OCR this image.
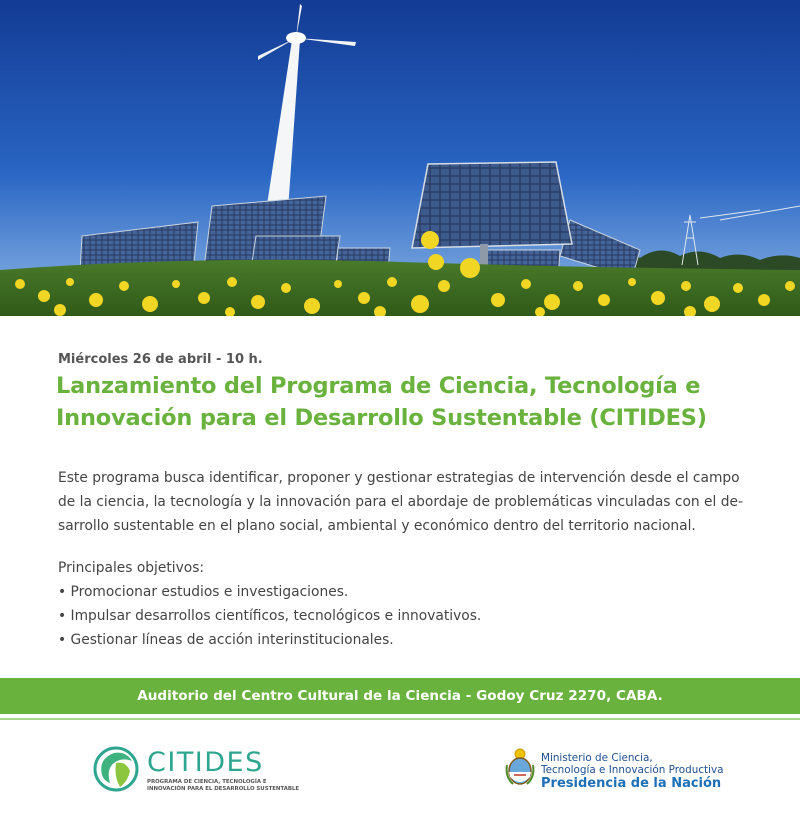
Miércoles 26 de abril - 10 h.
Lanzamiento del Programa de Ciencia, Tecnología e
Innovación para el Desarrollo Sustentable (CITIDES)
Este programa busca identificar, proponer y gestionar estrategias de intervención desde el campo
de la ciencia, la tecnología y la innovación para el abordaje de problemáticas vinculadas con el de-
sarrollo sustentable en el plano social, ambiental y económico dentro del territorio nacional.
Principales objetivos:
• Promocionar estudios e investigaciones.
• Impulsar desarrollos científicos, tecnológicos e innovativos.
• Gestionar líneas de acción interinstitucionales.
Auditorio del Centro Cultural de la Ciencia - Godoy Cruz 2270, CABA.
CITIDES
PROGRAMA DE CIENCIA, TECNOLOGÍA E
INNOVACIÓN PARA EL DESARROLLO SUSTENTABLE
Ministerio de Ciencia,
Tecnología e Innovación Productiva
Presidencia de la Nación
